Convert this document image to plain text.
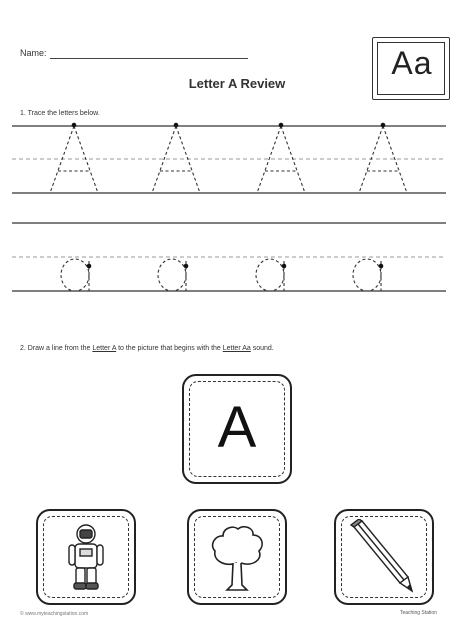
Name:
Letter A Review
Aa
1. Trace the letters below.
2. Draw a line from the Letter A to the picture that begins with the Letter Aa sound.
A
© www.myteachingstation.com	Teaching Station
